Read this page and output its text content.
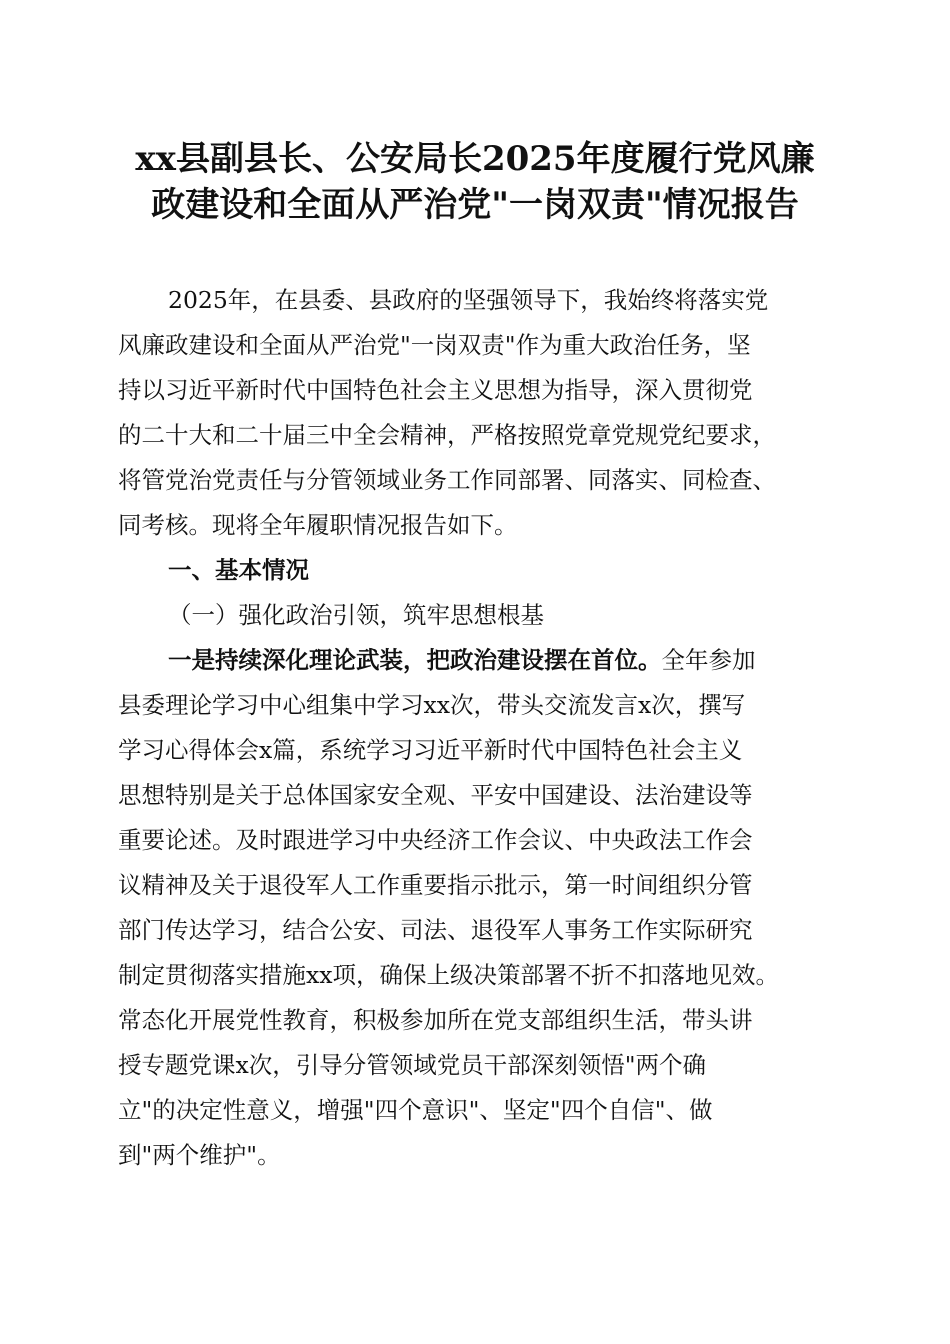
xx县副县长、公安局长2025年度履行党风廉
政建设和全面从严治党"一岗双责"情况报告
2025年，在县委、县政府的坚强领导下，我始终将落实党
风廉政建设和全面从严治党"一岗双责"作为重大政治任务，坚
持以习近平新时代中国特色社会主义思想为指导，深入贯彻党
的二十大和二十届三中全会精神，严格按照党章党规党纪要求，
将管党治党责任与分管领域业务工作同部署、同落实、同检查、
同考核。现将全年履职情况报告如下。
一、基本情况
（一）强化政治引领，筑牢思想根基
一是持续深化理论武装，把政治建设摆在首位。全年参加
县委理论学习中心组集中学习xx次，带头交流发言x次，撰写
学习心得体会x篇，系统学习习近平新时代中国特色社会主义
思想特别是关于总体国家安全观、平安中国建设、法治建设等
重要论述。及时跟进学习中央经济工作会议、中央政法工作会
议精神及关于退役军人工作重要指示批示，第一时间组织分管
部门传达学习，结合公安、司法、退役军人事务工作实际研究
制定贯彻落实措施xx项，确保上级决策部署不折不扣落地见效。
常态化开展党性教育，积极参加所在党支部组织生活，带头讲
授专题党课x次，引导分管领域党员干部深刻领悟"两个确
立"的决定性意义，增强"四个意识"、坚定"四个自信"、做
到"两个维护"。
